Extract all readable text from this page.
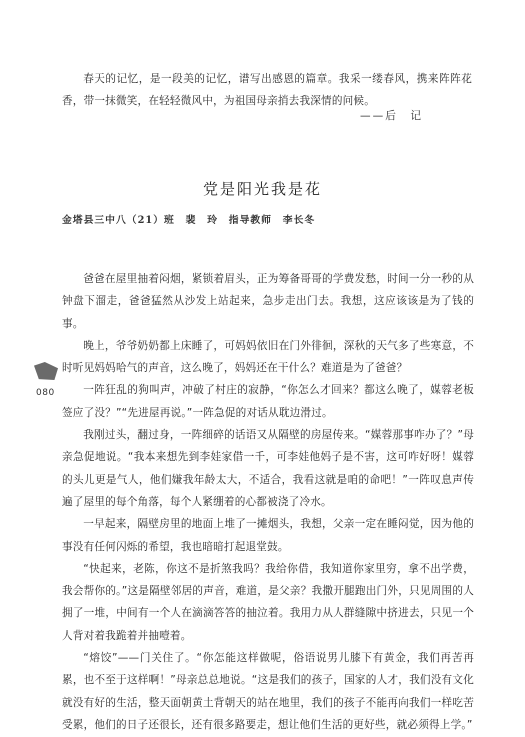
春天的记忆，是一段美的记忆，谱写出感恩的篇章。我采一缕春风，携来阵阵花香，带一抹微笑，在轻轻微风中，为祖国母亲捎去我深情的问候。

——后　记
党是阳光我是花
金塔县三中八（21）班　裴　玲　指导教师　李长冬

爸爸在屋里抽着闷烟，紧锁着眉头，正为筹备哥哥的学费发愁，时间一分一秒的从钟盘下溜走，爸爸猛然从沙发上站起来，急步走出门去。我想，这应该该是为了钱的事。

晚上，爷爷奶奶都上床睡了，可妈妈依旧在门外徘徊，深秋的天气多了些寒意，不时听见妈妈哈气的声音，这么晚了，妈妈还在干什么？难道是为了爸爸？

一阵狂乱的狗叫声，冲破了村庄的寂静，“你怎么才回来？都这么晚了，媒蓉老板签应了没？”“先进屋再说。”一阵急促的对话从耽边滑过。

我刚过头，翻过身，一阵细碎的话语又从隔壁的房屋传来。“媒蓉那事咋办了？”母亲急促地说。“我本来想先到李娃家借一千，可李娃他妈子是不害，这可咋好呀！媒蓉的头儿更是气人，他们嫌我年龄太大，不适合，我看这就是咱的命吧！”一阵叹息声传遍了屋里的每个角落，每个人紧绷着的心都被浇了冷水。

一早起来，隔壁房里的地面上堆了一摊烟头，我想，父亲一定在睡闷觉，因为他的事没有任何闪烁的希望，我也暗暗打起退堂鼓。

“快起来，老陈，你这不是折煞我吗？我给你借，我知道你家里穷，拿不出学费，我会帮你的。”这是隔壁邻居的声音，难道，是父亲？我撒开腿跑出门外，只见周围的人拥了一堆，中间有一个人在滴滴答答的抽泣着。我用力从人群缝隙中挤进去，只见一个人背对着我跪着并抽噎着。

“熔饺”——门关住了。“你怎能这样做呢，俗语说男儿膝下有黄金，我们再苦再累，也不至于这样啊！”母亲总总地说。“这是我们的孩子，国家的人才，我们没有文化就没有好的生活，整天面朝黄土背朝天的站在地里，我们的孩子不能再向我们一样吃苦受累，他们的日子还很长，还有很多路要走，想让他们生活的更好些，就必须得上学。”

080
